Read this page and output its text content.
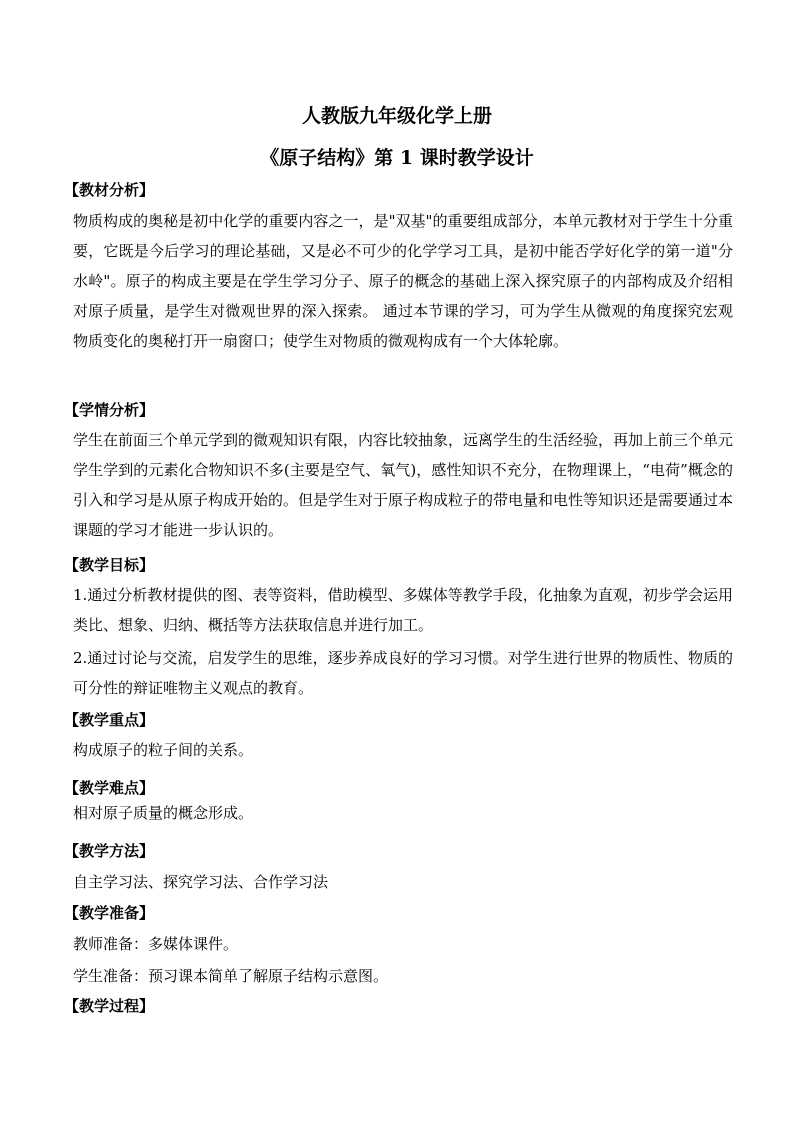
人教版九年级化学上册
《原子结构》第 1 课时教学设计
【教材分析】
物质构成的奥秘是初中化学的重要内容之一，是"双基"的重要组成部分，本单元教材对于学生十分重要，它既是今后学习的理论基础，又是必不可少的化学学习工具，是初中能否学好化学的第一道"分水岭"。原子的构成主要是在学生学习分子、原子的概念的基础上深入探究原子的内部构成及介绍相对原子质量，是学生对微观世界的深入探索。 通过本节课的学习，可为学生从微观的角度探究宏观物质变化的奥秘打开一扇窗口；使学生对物质的微观构成有一个大体轮廓。
【学情分析】
学生在前面三个单元学到的微观知识有限，内容比较抽象，远离学生的生活经验，再加上前三个单元学生学到的元素化合物知识不多(主要是空气、氧气)，感性知识不充分，在物理课上，“电荷”概念的引入和学习是从原子构成开始的。但是学生对于原子构成粒子的带电量和电性等知识还是需要通过本课题的学习才能进一步认识的。
【教学目标】
1.通过分析教材提供的图、表等资料，借助模型、多媒体等教学手段，化抽象为直观，初步学会运用类比、想象、归纳、概括等方法获取信息并进行加工。
2.通过讨论与交流，启发学生的思维，逐步养成良好的学习习惯。对学生进行世界的物质性、物质的可分性的辩证唯物主义观点的教育。
【教学重点】
构成原子的粒子间的关系。
【教学难点】
相对原子质量的概念形成。
【教学方法】
自主学习法、探究学习法、合作学习法
【教学准备】
教师准备：多媒体课件。
学生准备：预习课本简单了解原子结构示意图。
【教学过程】
